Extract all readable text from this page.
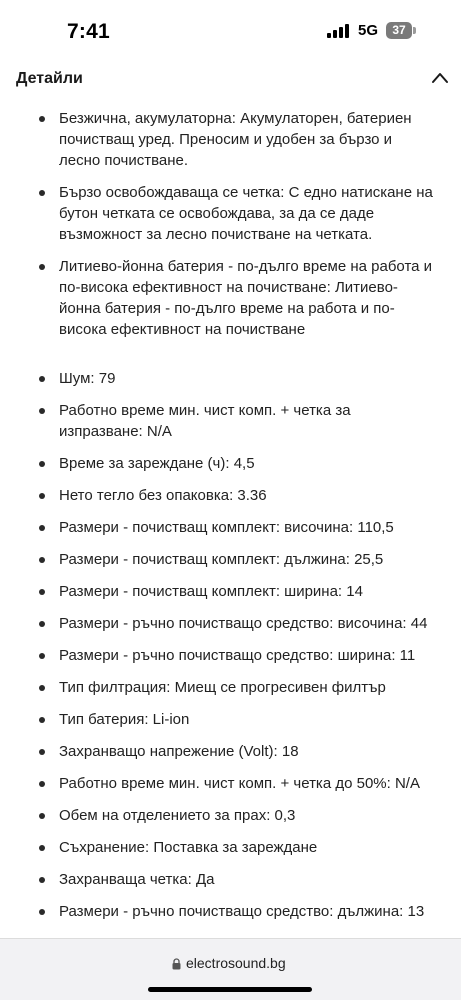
7:41	5G	37
Детайли
Безжична, акумулаторна: Акумулаторен, батериен почистващ уред. Преносим и удобен за бързо и лесно почистване.
Бързо освобождаваща се четка: С едно натискане на бутон четката се освобождава, за да се даде възможност за лесно почистване на четката.
Литиево-йонна батерия - по-дълго време на работа и по-висока ефективност на почистване: Литиево-йонна батерия - по-дълго време на работа и по-висока ефективност на почистване
Шум: 79
Работно време мин. чист комп. + четка за изпразване: N/A
Време за зареждане (ч): 4,5
Нето тегло без опаковка: 3.36
Размери - почистващ комплект: височина: 110,5
Размери - почистващ комплект: дължина: 25,5
Размери - почистващ комплект: ширина: 14
Размери - ръчно почистващо средство: височина: 44
Размери - ръчно почистващо средство: ширина: 11
Тип филтрация: Миещ се прогресивен филтър
Тип батерия: Li-ion
Захранващо напрежение (Volt): 18
Работно време мин. чист комп. + четка до 50%: N/A
Обем на отделението за прах: 0,3
Съхранение: Поставка за зареждане
Захранваща четка: Да
Размери - ръчно почистващо средство: дължина: 13
electrosound.bg
